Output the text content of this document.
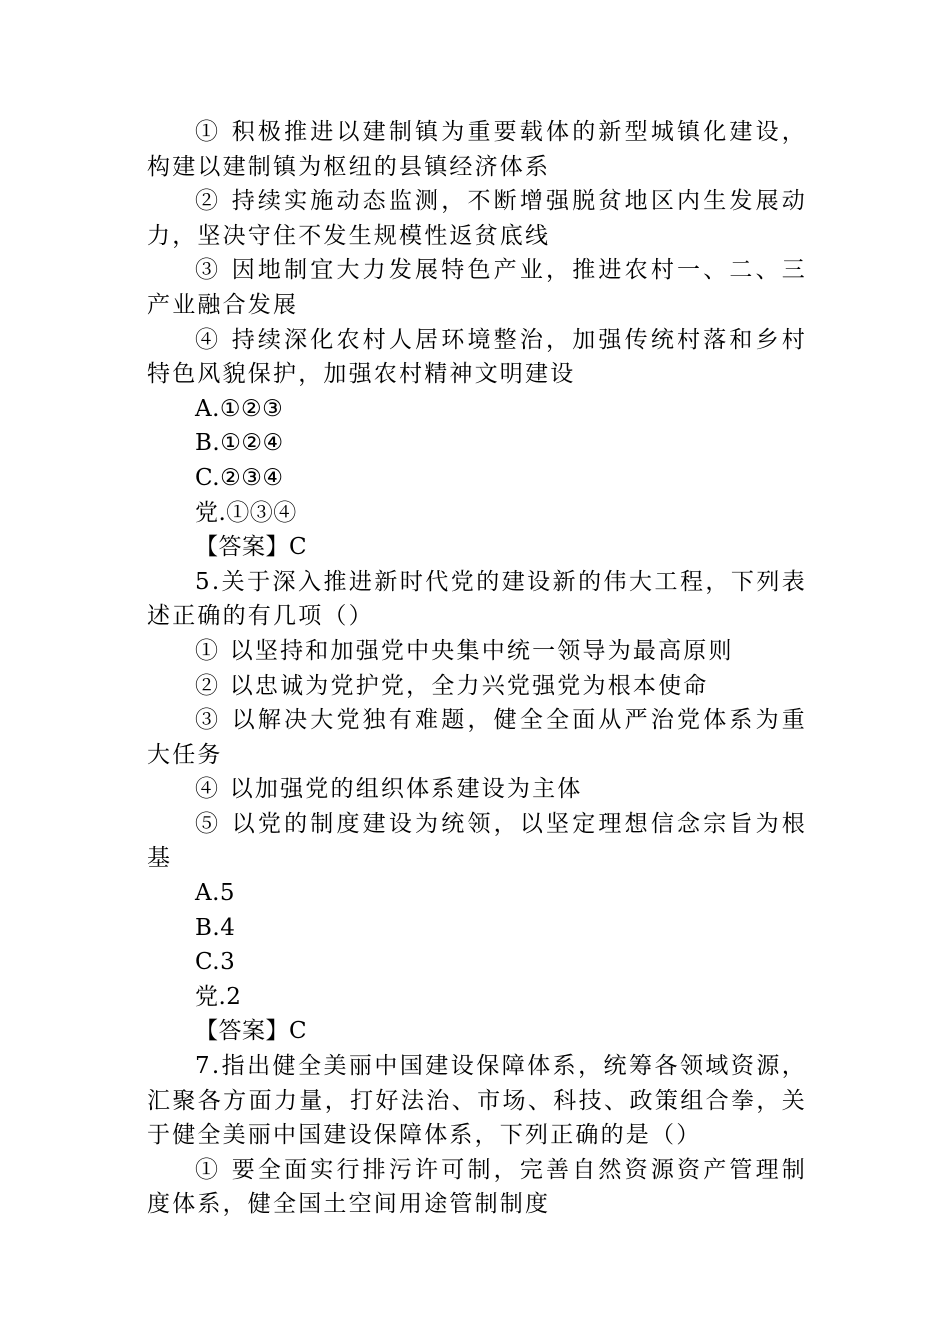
① 积极推进以建制镇为重要载体的新型城镇化建设，构建以建制镇为枢纽的县镇经济体系

② 持续实施动态监测，不断增强脱贫地区内生发展动力，坚决守住不发生规模性返贫底线

③ 因地制宜大力发展特色产业，推进农村一、二、三产业融合发展

④ 持续深化农村人居环境整治，加强传统村落和乡村特色风貌保护，加强农村精神文明建设

A.①②③

B.①②④

C.②③④

党.①③④

【答案】C

5.关于深入推进新时代党的建设新的伟大工程，下列表述正确的有几项（）

① 以坚持和加强党中央集中统一领导为最高原则

② 以忠诚为党护党，全力兴党强党为根本使命

③ 以解决大党独有难题，健全全面从严治党体系为重大任务

④ 以加强党的组织体系建设为主体

⑤ 以党的制度建设为统领，以坚定理想信念宗旨为根基

A.5

B.4

C.3

党.2

【答案】C

7.指出健全美丽中国建设保障体系，统筹各领域资源，汇聚各方面力量，打好法治、市场、科技、政策组合拳，关于健全美丽中国建设保障体系，下列正确的是（）

① 要全面实行排污许可制，完善自然资源资产管理制度体系，健全国土空间用途管制制度
